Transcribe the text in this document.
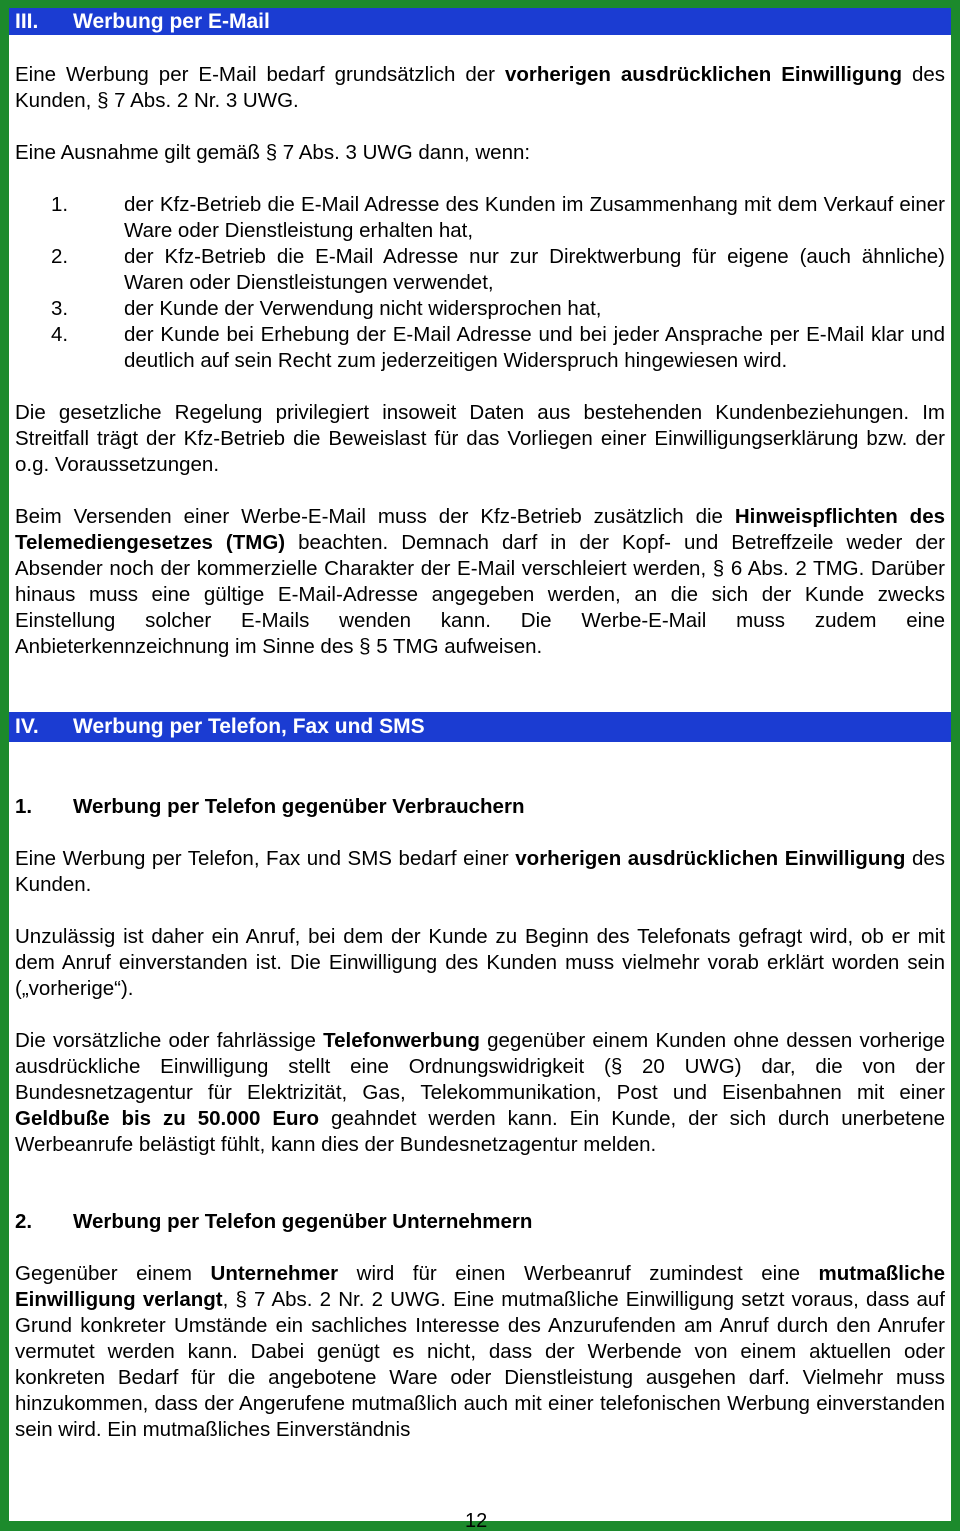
III. Werbung per E-Mail

Eine Werbung per E-Mail bedarf grundsätzlich der vorherigen ausdrücklichen Einwilligung des Kunden, § 7 Abs. 2 Nr. 3 UWG.

Eine Ausnahme gilt gemäß § 7 Abs. 3 UWG dann, wenn:

1.	der Kfz-Betrieb die E-Mail Adresse des Kunden im Zusammenhang mit dem Verkauf einer Ware oder Dienstleistung erhalten hat,
2.	der Kfz-Betrieb die E-Mail Adresse nur zur Direktwerbung für eigene (auch ähnliche) Waren oder Dienstleistungen verwendet,
3.	der Kunde der Verwendung nicht widersprochen hat,
4.	der Kunde bei Erhebung der E-Mail Adresse und bei jeder Ansprache per E-Mail klar und deutlich auf sein Recht zum jederzeitigen Widerspruch hingewiesen wird.

Die gesetzliche Regelung privilegiert insoweit Daten aus bestehenden Kundenbeziehungen. Im Streitfall trägt der Kfz-Betrieb die Beweislast für das Vorliegen einer Einwilligungserklärung bzw. der o.g. Voraussetzungen.

Beim Versenden einer Werbe-E-Mail muss der Kfz-Betrieb zusätzlich die Hinweispflichten des Telemediengesetzes (TMG) beachten. Demnach darf in der Kopf- und Betreffzeile weder der Absender noch der kommerzielle Charakter der E-Mail verschleiert werden, § 6 Abs. 2 TMG. Darüber hinaus muss eine gültige E-Mail-Adresse angegeben werden, an die sich der Kunde zwecks Einstellung solcher E-Mails wenden kann. Die Werbe-E-Mail muss zudem eine Anbieterkennzeichnung im Sinne des § 5 TMG aufweisen.

IV. Werbung per Telefon, Fax und SMS
1. Werbung per Telefon gegenüber Verbrauchern

Eine Werbung per Telefon, Fax und SMS bedarf einer vorherigen ausdrücklichen Einwilligung des Kunden.

Unzulässig ist daher ein Anruf, bei dem der Kunde zu Beginn des Telefonats gefragt wird, ob er mit dem Anruf einverstanden ist. Die Einwilligung des Kunden muss vielmehr vorab erklärt worden sein („vorherige“).

Die vorsätzliche oder fahrlässige Telefonwerbung gegenüber einem Kunden ohne dessen vorherige ausdrückliche Einwilligung stellt eine Ordnungswidrigkeit (§ 20 UWG) dar, die von der Bundesnetzagentur für Elektrizität, Gas, Telekommunikation, Post und Eisenbahnen mit einer Geldbuße bis zu 50.000 Euro geahndet werden kann. Ein Kunde, der sich durch unerbetene Werbeanrufe belästigt fühlt, kann dies der Bundesnetzagentur melden.

2. Werbung per Telefon gegenüber Unternehmern

Gegenüber einem Unternehmer wird für einen Werbeanruf zumindest eine mutmaßliche Einwilligung verlangt, § 7 Abs. 2 Nr. 2 UWG. Eine mutmaßliche Einwilligung setzt voraus, dass auf Grund konkreter Umstände ein sachliches Interesse des Anzurufenden am Anruf durch den Anrufer vermutet werden kann. Dabei genügt es nicht, dass der Werbende von einem aktuellen oder konkreten Bedarf für die angebotene Ware oder Dienstleistung ausgehen darf. Vielmehr muss hinzukommen, dass der Angerufene mutmaßlich auch mit einer telefonischen Werbung einverstanden sein wird. Ein mutmaßliches Einverständnis

12
